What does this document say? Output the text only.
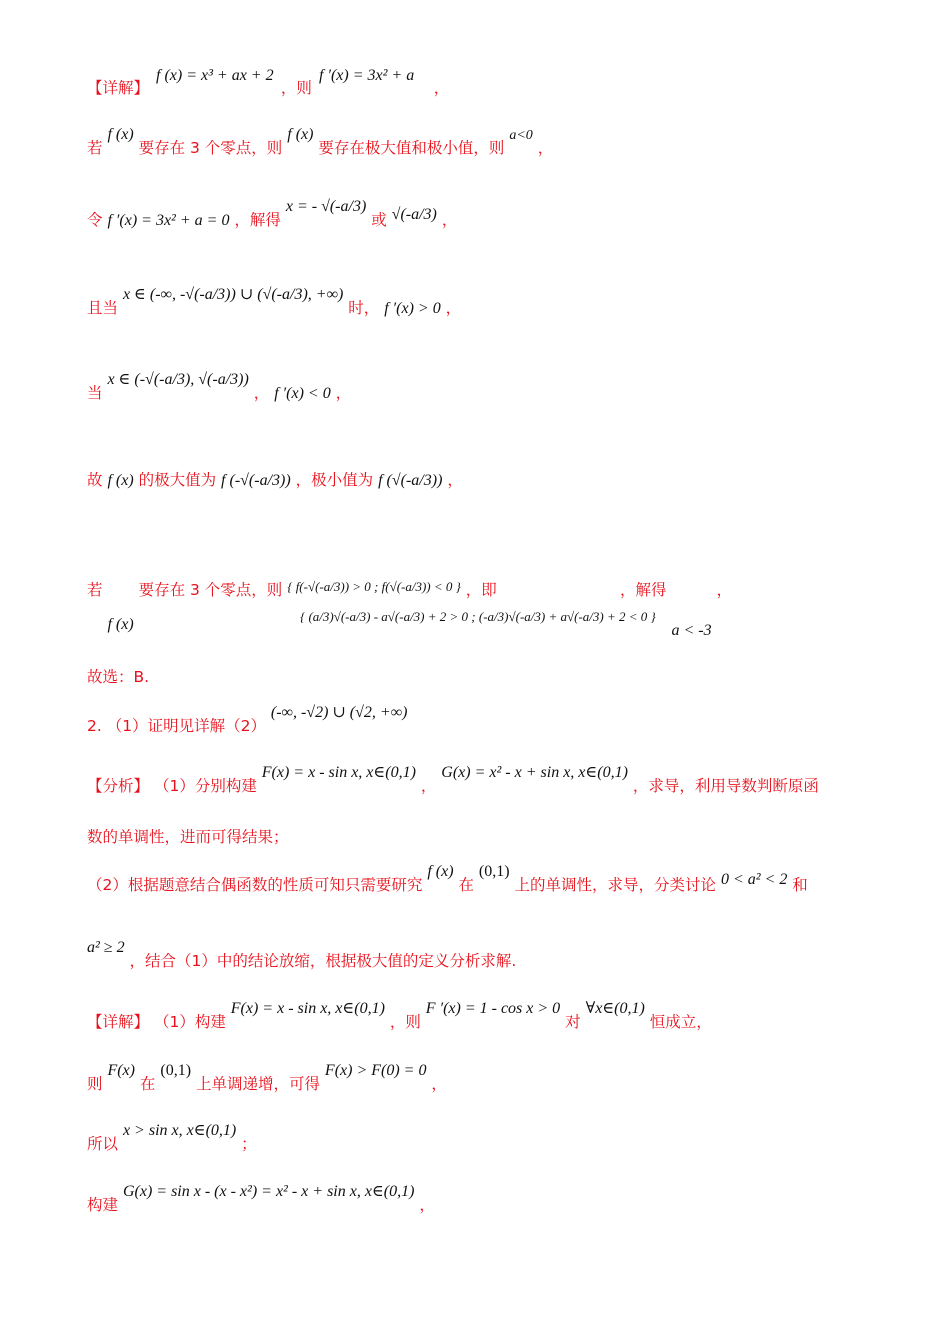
【详解】
f (x) = x³ + ax + 2
，则
f ′(x) = 3x² + a
，
若 f (x) 要存在 3 个零点，则 f (x) 要存在极大值和极小值，则 a<0 ，
令 f ′(x) = 3x² + a = 0 ，解得 x = - √(-a/3) 或 √(-a/3) ，
且当 x ∈ (-∞, -√(-a/3)) ∪ (√(-a/3), +∞) 时， f ′(x) > 0 ，
当 x ∈ (-√(-a/3), √(-a/3)) ， f ′(x) < 0 ，
故 f (x) 的极大值为 f (-√(-a/3)) ，极小值为 f (√(-a/3)) ，
若 f (x) 要存在 3 个零点，则 { f(-√(-a/3)) > 0 ; f(√(-a/3)) < 0 } ，即
{ (a/3)√(-a/3) - a√(-a/3) + 2 > 0 ; (-a/3)√(-a/3) + a√(-a/3) + 2 < 0 }
，解得 a < -3 ，
故选：B.
2. （1）证明见详解（2） (-∞, -√2) ∪ (√2, +∞)
【分析】 （1）分别构建 F(x) = x - sin x, x∈(0,1) ， G(x) = x² - x + sin x, x∈(0,1) ，求导，利用导数判断原函
数的单调性，进而可得结果；
（2）根据题意结合偶函数的性质可知只需要研究 f (x) 在 (0,1) 上的单调性，求导，分类讨论 0 < a² < 2 和
a² ≥ 2 ，结合（1）中的结论放缩，根据极大值的定义分析求解.
【详解】 （1）构建 F(x) = x - sin x, x∈(0,1) ，则 F ′(x) = 1 - cos x > 0 对 ∀x∈(0,1) 恒成立，
则 F(x) 在 (0,1) 上单调递增，可得 F(x) > F(0) = 0 ，
所以 x > sin x, x∈(0,1) ；
构建 G(x) = sin x - (x - x²) = x² - x + sin x, x∈(0,1) ，
